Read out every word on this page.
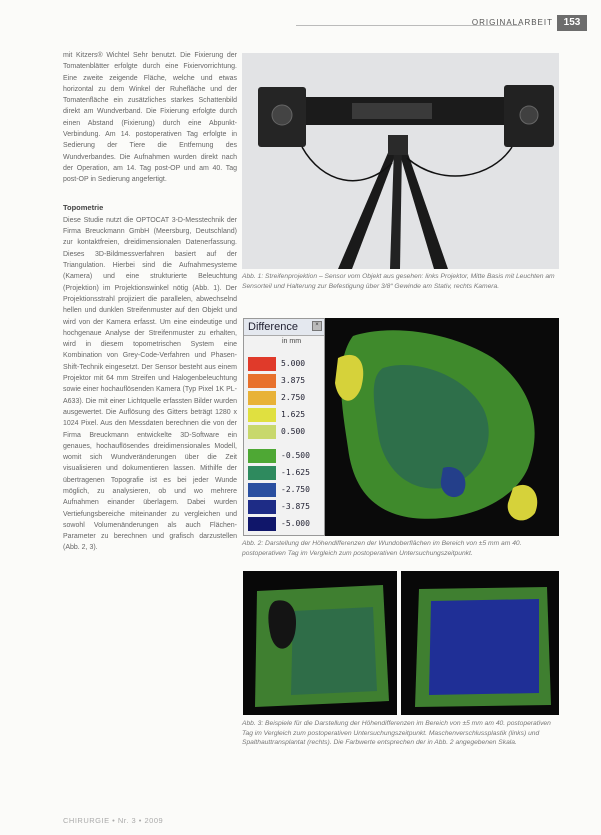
ORIGINALARBEIT	153

mit Kitzers® Wichtel Sehr benutzt. Die Fixierung der Tomatenblätter erfolgte durch eine Fixiervorrichtung. Eine zweite zeigende Fläche, welche und etwas horizontal zu dem Winkel der Ruhefläche und der Tomatenfläche ein zusätzliches starkes Schattenbild direkt am Wundverband. Die Fixierung erfolgte durch einen Abstand (Fixierung) durch eine Abpunkt-Verbindung. Am 14. postoperativen Tag erfolgte in Sedierung der Tiere die Entfernung des Wundverbandes. Die Aufnahmen wurden direkt nach der Operation, am 14. Tag post-OP und am 40. Tag post-OP in Sedierung angefertigt.

Topometrie

Diese Studie nutzt die OPTOCAT 3-D-Messtechnik der Firma Breuckmann GmbH (Meersburg, Deutschland) zur kontaktfreien, dreidimensionalen Datenerfassung. Dieses 3D-Bildmessverfahren basiert auf der Triangulation. Hierbei sind die Aufnahmesysteme (Kamera) und eine strukturierte Beleuchtung (Projektion) im Projektionswinkel nötig (Abb. 1). Der Projektionsstrahl projiziert die parallelen, abwechselnd hellen und dunklen Streifenmuster auf den Objekt und wird von der Kamera erfasst. Um eine eindeutige und hochgenaue Analyse der Streifenmuster zu erhalten, wird in diesem topometrischen System eine Kombination von Grey-Code-Verfahren und Phasen-Shift-Technik eingesetzt. Der Sensor besteht aus einem Projektor mit 64 mm Streifen und Halogenbeleuchtung sowie einer hochauflösenden Kamera (Typ Pixel 1K PL-A633). Die mit einer Lichtquelle erfassten Bilder wurden ausgewertet. Die Auflösung des Gitters beträgt 1280 x 1024 Pixel. Aus den Messdaten berechnen die von der Firma Breuckmann entwickelte 3D-Software ein genaues, hochauflösendes dreidimensionales Modell, womit sich Wundveränderungen über die Zeit visualisieren und dokumentieren lassen. Mithilfe der übertragenen Topografie ist es bei jeder Wunde möglich, zu analysieren, ob und wo mehrere Aufnahmen einander überlagern. Dabei wurden Vertiefungsbereiche miteinander zu vergleichen und sowohl Volumenänderungen als auch Flächen-Parameter zu berechnen und grafisch darzustellen (Abb. 2, 3).

Abb. 1: Streifenprojektion – Sensor vom Objekt aus gesehen: links Projektor, Mitte Basis mit Leuchten am Sensorteil und Halterung zur Befestigung über 3/8“ Gewinde am Stativ, rechts Kamera.
×
Difference
in mm
5.000
3.875
2.750
1.625
0.500
-0.500
-1.625
-2.750
-3.875
-5.000
Abb. 2: Darstellung der Höhendifferenzen der Wundoberflächen im Bereich von ±5 mm am 40. postoperativen Tag im Vergleich zum postoperativen Untersuchungszeitpunkt.
Abb. 3: Beispiele für die Darstellung der Höhendifferenzen im Bereich von ±5 mm am 40. postoperativen Tag im Vergleich zum postoperativen Untersuchungszeitpunkt. Maschenverschlussplastik (links) und Spalthauttransplantat (rechts). Die Farbwerte entsprechen der in Abb. 2 angegebenen Skala.
CHIRURGIE • Nr. 3 • 2009
